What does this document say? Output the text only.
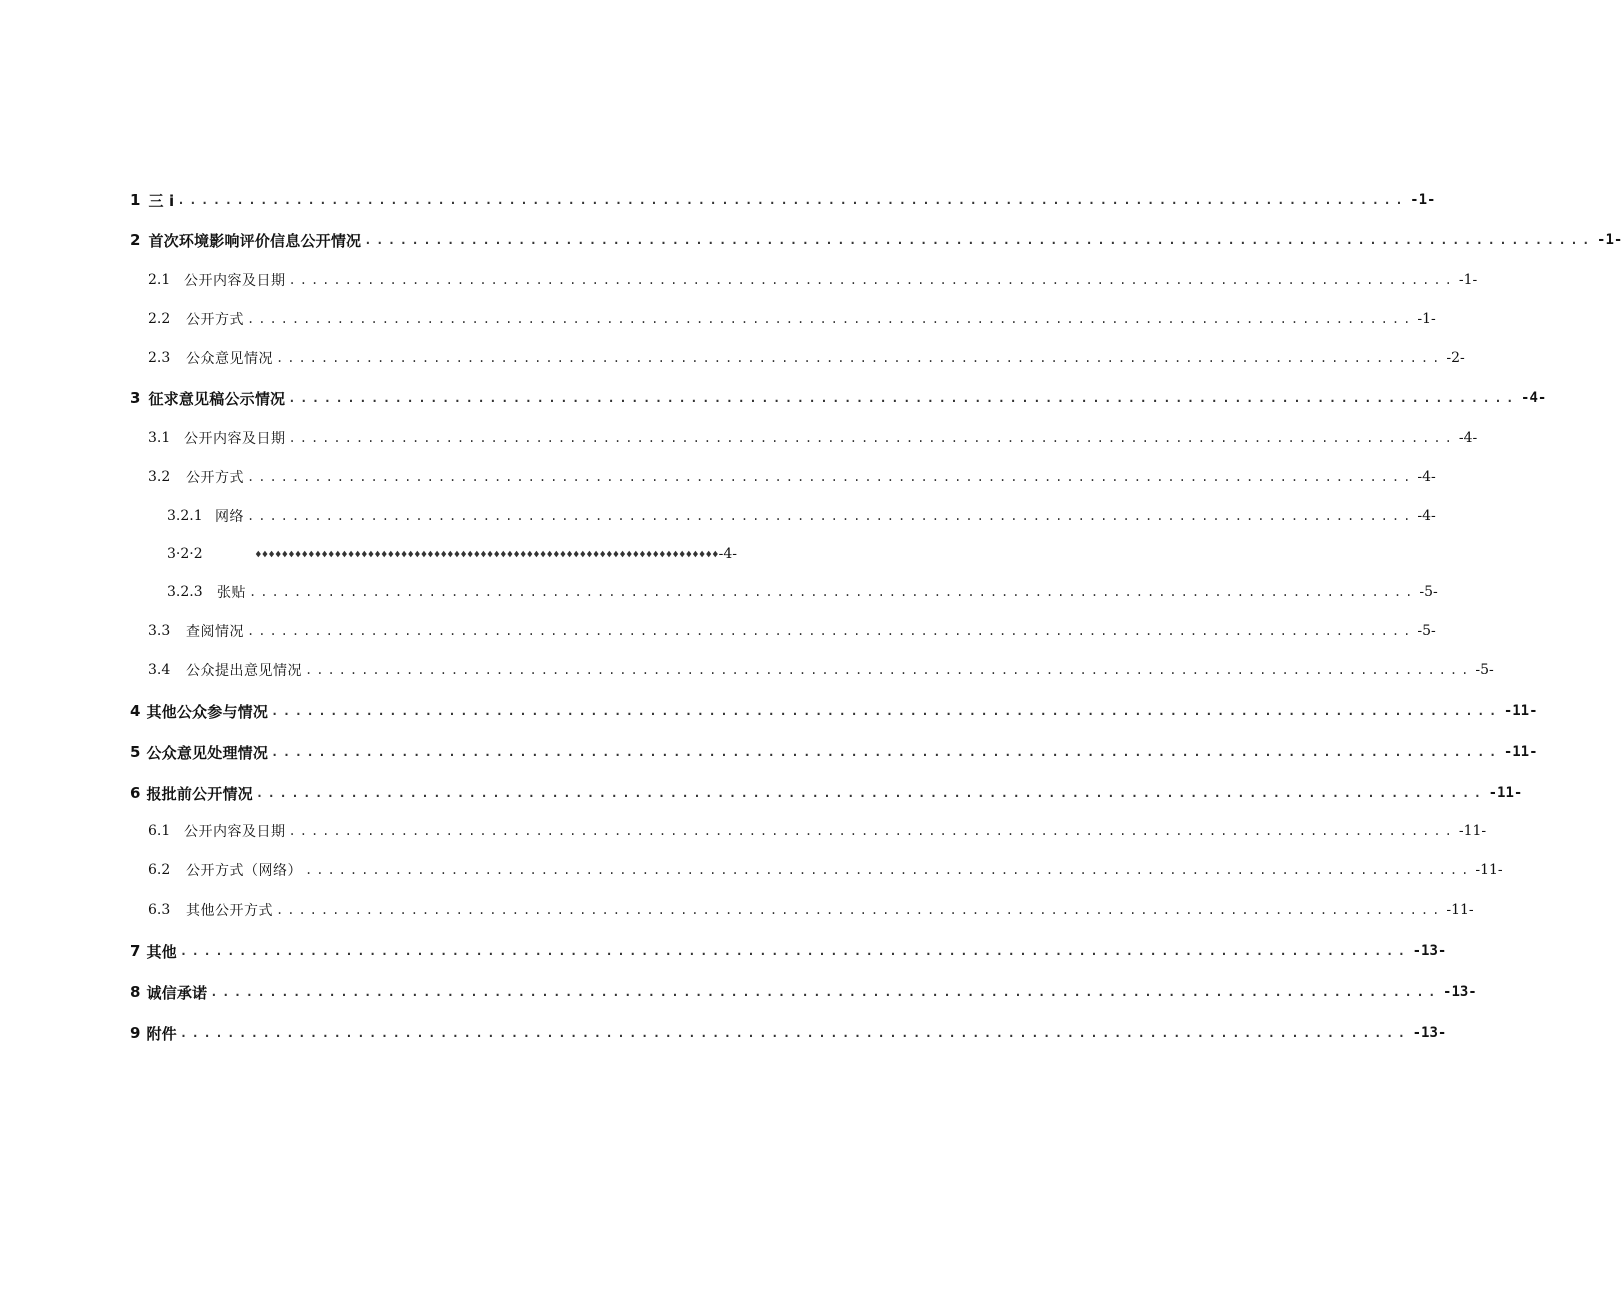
1 三 i ........................................................................................................ -1-
2 首次环境影响评价信息公开情况 ........................................................................................................ -1-
2.1 公开内容及日期 ........................................................................................................ -1-
2.2	公开方式 ........................................................................................................ -1-
2.3	公众意见情况 ........................................................................................................ -2-
3 征求意见稿公示情况 ........................................................................................................ -4-
3.1 公开内容及日期 ........................................................................................................ -4-
3.2	公开方式 ........................................................................................................ -4-
3.2.1 网络 ........................................................................................................ -4-
3·2·2	♦♦♦♦♦♦♦♦♦♦♦♦♦♦♦♦♦♦♦♦♦♦♦♦♦♦♦♦♦♦♦♦♦♦♦♦♦♦♦♦♦♦♦♦♦♦♦♦♦♦♦♦♦♦♦♦♦♦♦♦♦♦♦♦♦♦♦♦♦♦ -4-
3.2.3	张贴 ........................................................................................................ -5-
3.3	查阅情况 ........................................................................................................ -5-
3.4	公众提出意见情况 ........................................................................................................ -5-
4 其他公众参与情况 ........................................................................................................ -11-
5 公众意见处理情况 ........................................................................................................ -11-
6 报批前公开情况 ........................................................................................................ -11-
6.1 公开内容及日期 ........................................................................................................ -11-
6.2	公开方式（网络） ........................................................................................................ -11-
6.3	其他公开方式 ........................................................................................................ -11-
7 其他 ........................................................................................................ -13-
8 诚信承诺 ........................................................................................................ -13-
9 附件 ........................................................................................................ -13-
